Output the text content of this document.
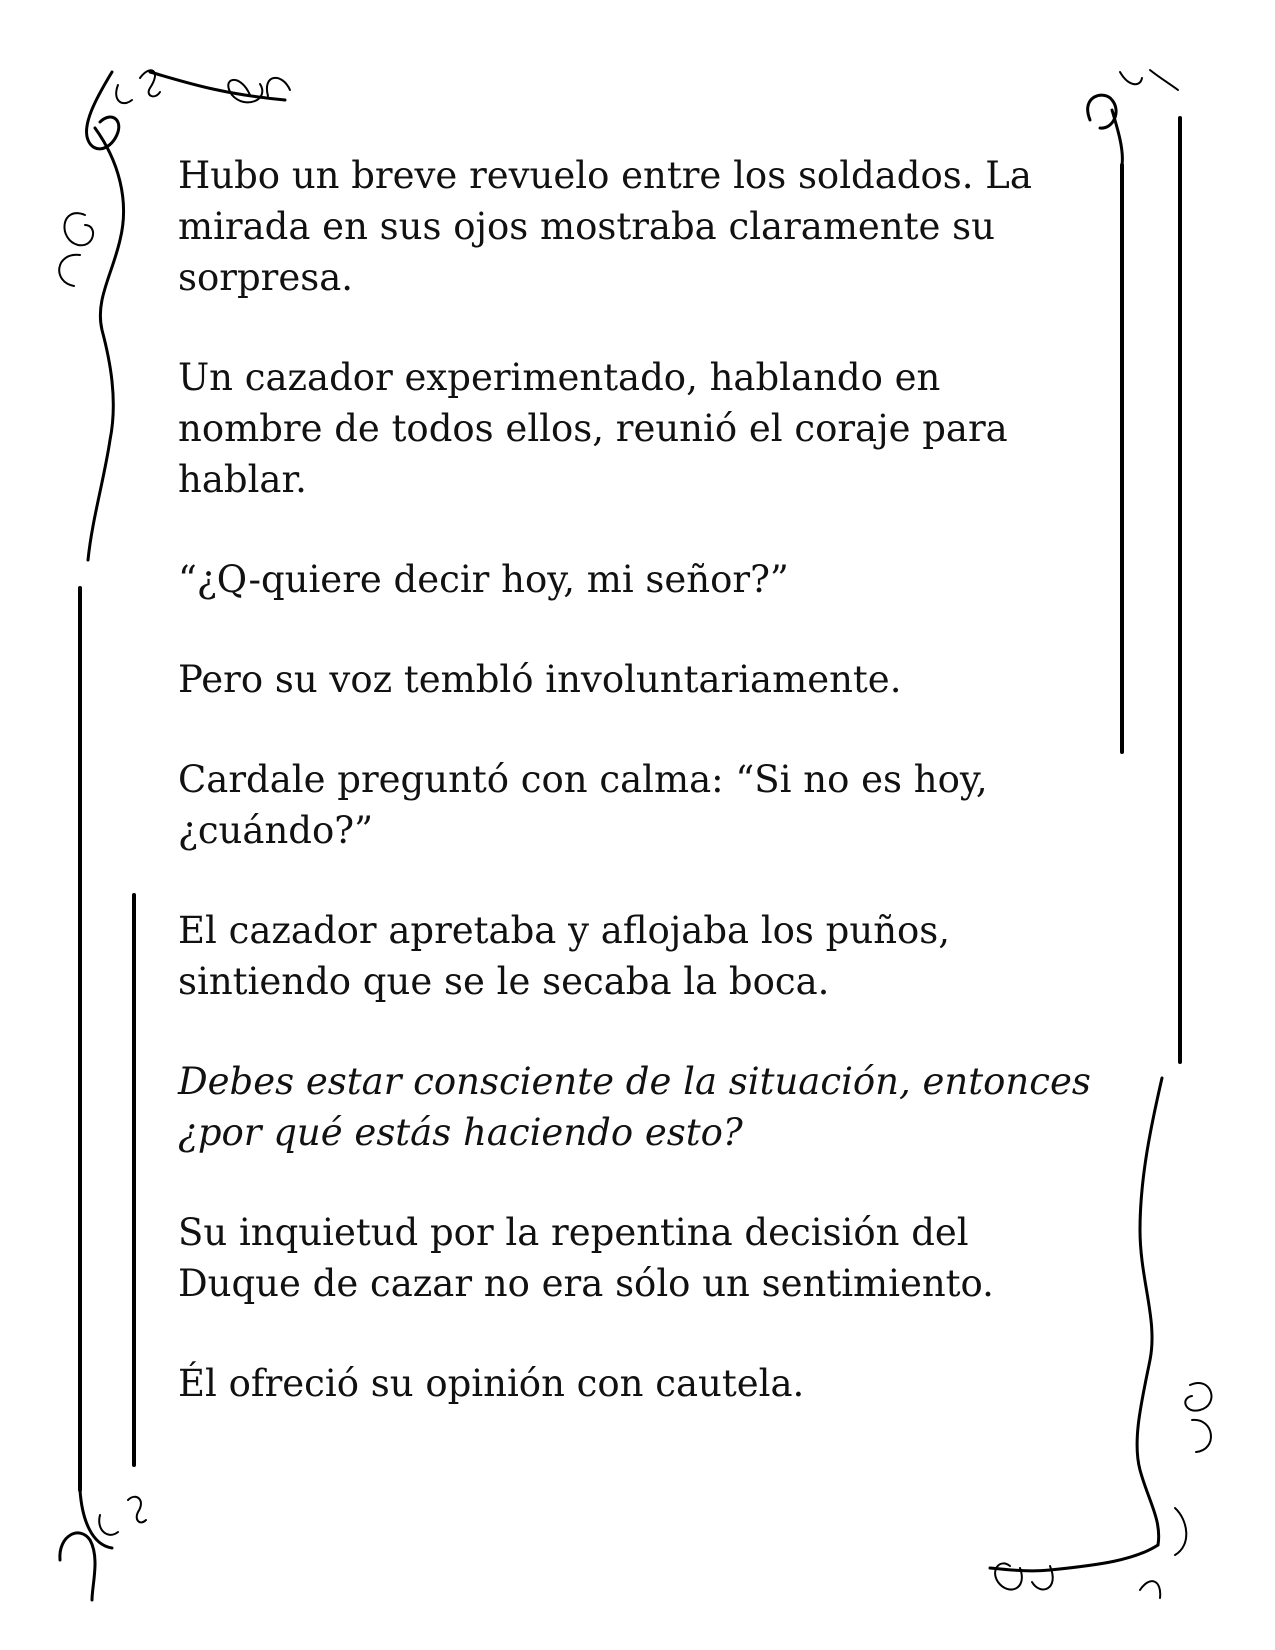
Hubo un breve revuelo entre los soldados. La
mirada en sus ojos mostraba claramente su
sorpresa.

Un cazador experimentado, hablando en
nombre de todos ellos, reunió el coraje para
hablar.

“¿Q-quiere decir hoy, mi señor?”

Pero su voz tembló involuntariamente.

Cardale preguntó con calma: “Si no es hoy,
¿cuándo?”

El cazador apretaba y aflojaba los puños,
sintiendo que se le secaba la boca.

Debes estar consciente de la situación, entonces
¿por qué estás haciendo esto?

Su inquietud por la repentina decisión del
Duque de cazar no era sólo un sentimiento.

Él ofreció su opinión con cautela.
